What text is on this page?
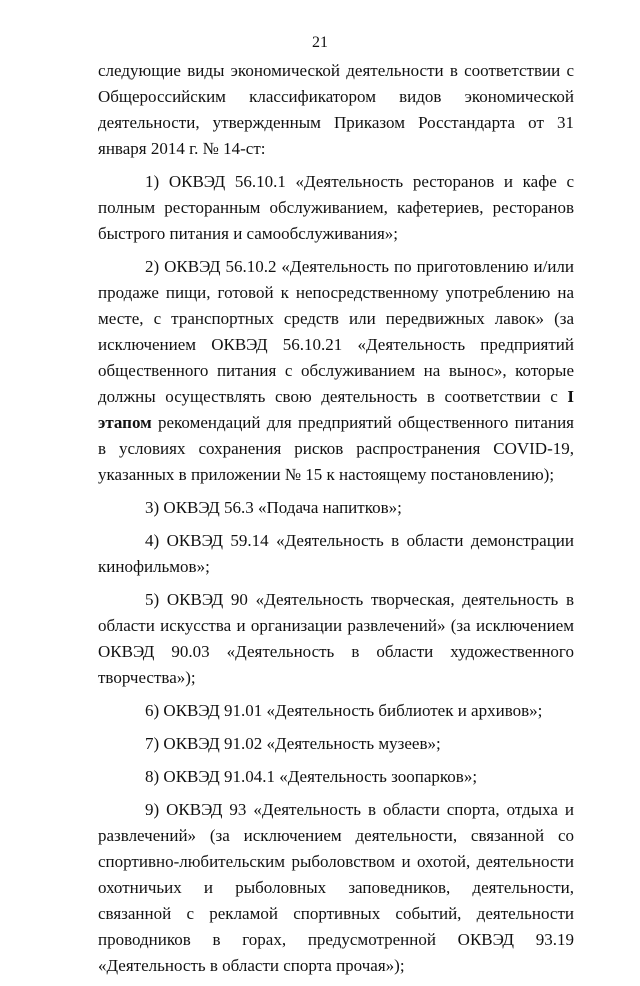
21

следующие виды экономической деятельности в соответствии с Общероссийским классификатором видов экономической деятельности, утвержденным Приказом Росстандарта от 31 января 2014 г. № 14-ст:

1) ОКВЭД 56.10.1 «Деятельность ресторанов и кафе с полным ресторанным обслуживанием, кафетериев, ресторанов быстрого питания и самообслуживания»;

2) ОКВЭД 56.10.2 «Деятельность по приготовлению и/или продаже пищи, готовой к непосредственному употреблению на месте, с транспортных средств или передвижных лавок» (за исключением ОКВЭД 56.10.21 «Деятельность предприятий общественного питания с обслуживанием на вынос», которые должны осуществлять свою деятельность в соответствии с I этапом рекомендаций для предприятий общественного питания в условиях сохранения рисков распространения COVID-19, указанных в приложении № 15 к настоящему постановлению);

3) ОКВЭД 56.3 «Подача напитков»;

4) ОКВЭД 59.14 «Деятельность в области демонстрации кинофильмов»;

5) ОКВЭД 90 «Деятельность творческая, деятельность в области искусства и организации развлечений» (за исключением ОКВЭД 90.03 «Деятельность в области художественного творчества»);

6) ОКВЭД 91.01 «Деятельность библиотек и архивов»;

7) ОКВЭД 91.02 «Деятельность музеев»;

8) ОКВЭД 91.04.1 «Деятельность зоопарков»;

9) ОКВЭД 93 «Деятельность в области спорта, отдыха и развлечений» (за исключением деятельности, связанной со спортивно-любительским рыболовством и охотой, деятельности охотничьих и рыболовных заповедников, деятельности, связанной с рекламой спортивных событий, деятельности проводников в горах, предусмотренной ОКВЭД 93.19 «Деятельность в области спорта прочая»);
